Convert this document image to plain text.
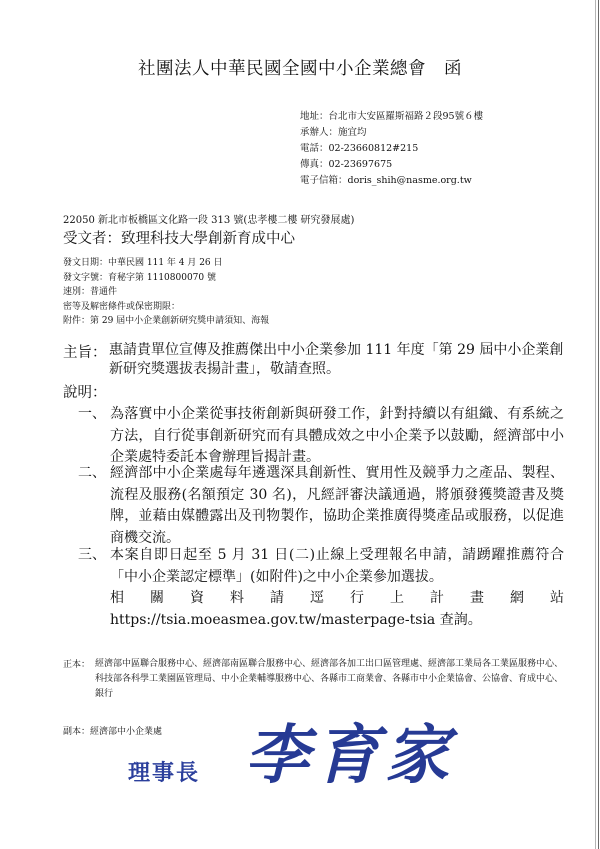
社團法人中華民國全國中小企業總會　函
地址：台北市大安區羅斯福路２段95號６樓
承辦人：施宜均
電話：02-23660812#215
傳真：02-23697675
電子信箱：doris_shih@nasme.org.tw
22050 新北市板橋區文化路一段 313 號(忠孝樓二樓 研究發展處)
受文者：致理科技大學創新育成中心
發文日期：中華民國 111 年 4 月 26 日
發文字號：育秘字第 1110800070 號
速別：普通件
密等及解密條件或保密期限：
附件：第 29 屆中小企業創新研究獎申請須知、海報
主旨： 惠請貴單位宣傳及推薦傑出中小企業參加 111 年度「第 29 屆中小企業創新研究獎選拔表揚計畫」，敬請查照。
說明：
一、 為落實中小企業從事技術創新與研發工作，針對持續以有組織、有系統之方法，自行從事創新研究而有具體成效之中小企業予以鼓勵，經濟部中小企業處特委託本會辦理旨揭計畫。
二、 經濟部中小企業處每年遴選深具創新性、實用性及競爭力之產品、製程、流程及服務(名額預定 30 名)，凡經評審決議通過，將頒發獲獎證書及獎牌，並藉由媒體露出及刊物製作，協助企業推廣得獎產品或服務，以促進商機交流。
三、 本案自即日起至 5 月 31 日(二)止線上受理報名申請，請踴躍推薦符合「中小企業認定標準」(如附件)之中小企業參加選拔。
相　關　資　料　請　逕　行　上　計　畫　網　站
https://tsia.moeasmea.gov.tw/masterpage-tsia 查詢。
正本： 經濟部中區聯合服務中心、經濟部南區聯合服務中心、經濟部各加工出口區管理處、經濟部工業局各工業區服務中心、科技部各科學工業園區管理局、中小企業輔導服務中心、各縣市工商業會、各縣市中小企業協會、公協會、育成中心、銀行
副本：經濟部中小企業處
理事長 李育家
